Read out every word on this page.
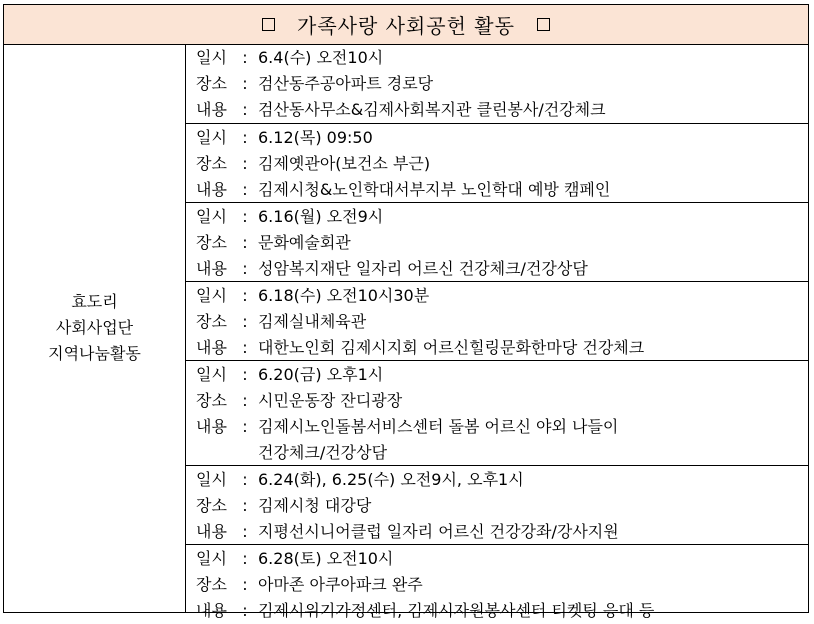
가족사랑 사회공헌 활동
효도리
사회사업단
지역나눔활동
일시 : 6.4(수) 오전10시
장소 : 검산동주공아파트 경로당
내용 : 검산동사무소&김제사회복지관 클린봉사/건강체크
일시 : 6.12(목) 09:50
장소 : 김제옛관아(보건소 부근)
내용 : 김제시청&노인학대서부지부 노인학대 예방 캠페인
일시 : 6.16(월) 오전9시
장소 : 문화예술회관
내용 : 성암복지재단 일자리 어르신 건강체크/건강상담
일시 : 6.18(수) 오전10시30분
장소 : 김제실내체육관
내용 : 대한노인회 김제시지회 어르신힐링문화한마당 건강체크
일시 : 6.20(금) 오후1시
장소 : 시민운동장 잔디광장
내용 : 김제시노인돌봄서비스센터 돌봄 어르신 야외 나들이
건강체크/건강상담
일시 : 6.24(화), 6.25(수) 오전9시, 오후1시
장소 : 김제시청 대강당
내용 : 지평선시니어클럽 일자리 어르신 건강강좌/강사지원
일시 : 6.28(토) 오전10시
장소 : 아마존 아쿠아파크 완주
내용 : 김제시위기가정센터, 김제시자원봉사센터 티켓팅 응대 등
